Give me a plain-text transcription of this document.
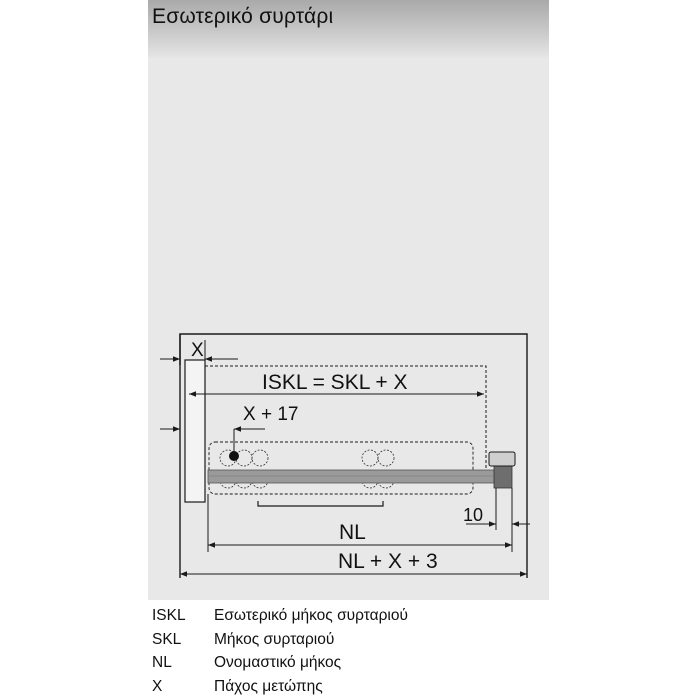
Εσωτερικό συρτάρι
X
ISKL = SKL + X
X + 17
NL
10
NL + X + 3
ISKL Εσωτερικό μήκος συρταριού
SKL Μήκος συρταριού
NL	Ονομαστικό μήκος
X	Πάχος μετώπης
